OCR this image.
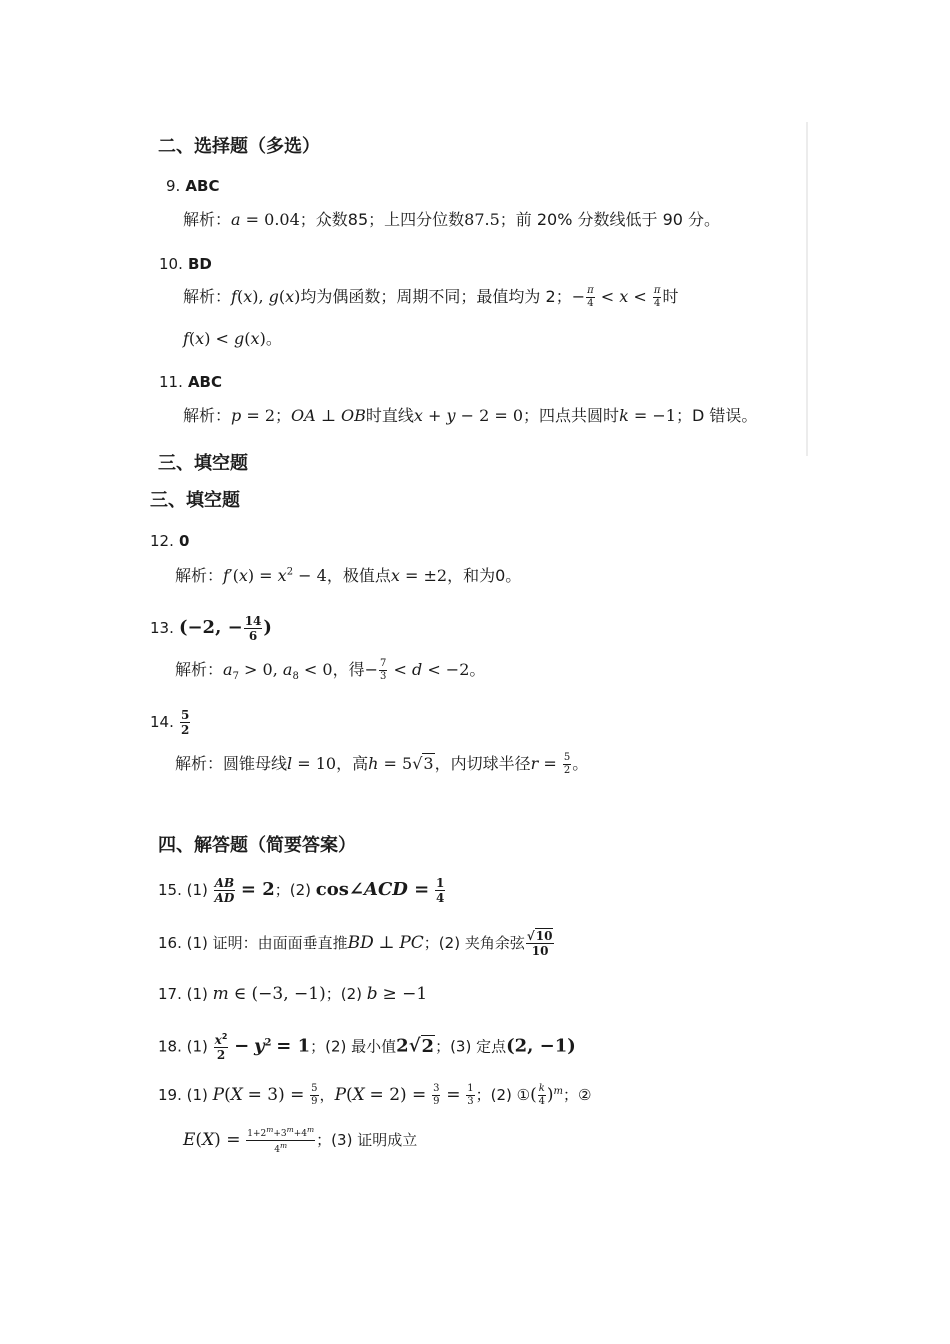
二、选择题（多选）
9. ABC
解析：a = 0.04；众数85；上四分位数87.5；前 20% 分数线低于 90 分。
10. BD
解析：f(x), g(x)均为偶函数；周期不同；最值均为 2；− $\frac{\pi}{4} < x < \frac{\pi}{4}$ 时
f(x) < g(x)。
11. ABC
解析：p = 2；OA ⊥ OB时直线x + y − 2 = 0；四点共圆时k = −1；D 错误。
三、填空题
三、填空题
12. 0
解析：$f'(x) = x^2 - 4$，极值点x = ±2，和为0。
13. (−2, − $\frac{14}{6}$ )
解析：$a_7 > 0$, $a_8 < 0$，得− $\frac{7}{3} < d < -2$。
14. $\frac{5}{2}$
解析：圆锥母线l = 10，高h = 5√3，内切球半径$r = \frac{5}{2}$ 。
四、解答题（简要答案）
15. $(1) \frac{AB}{AD} = 2$；(2) cos∠ACD = $\frac{1}{4}$
16. (1) 证明：由面面垂直推BD ⊥ PC；(2) 夹角余弦 $\frac{√10}{10}$
17. (1) m ∈ (−3, −1)；(2) b ≥ −1
18. $(1) \frac{x^2}{2} - y^2 = 1$；(2) 最小值2√2；(3) 定点(2, −1)
19. (1) $P(X = 3) = \frac{5}{9}$ ，$P(X = 2) = \frac{3}{9} = \frac{1}{3}$ ；(2) ①( $\frac{k}{4} )^m$；②
$E(X) = \frac{1+2^m+3^m+4^m}{4^m}$ ；(3) 证明成立
